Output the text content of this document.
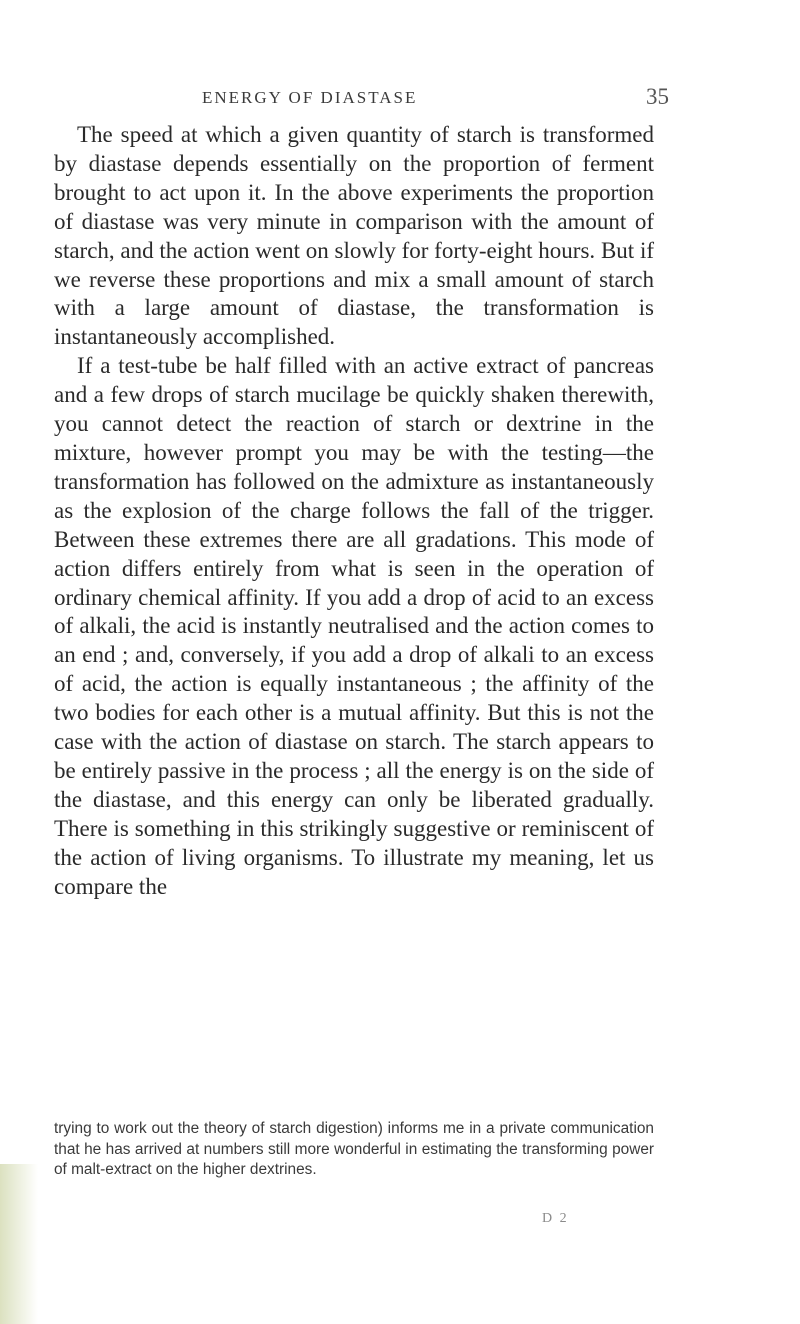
ENERGY OF DIASTASE	35

The speed at which a given quantity of starch is transformed by diastase depends essentially on the proportion of ferment brought to act upon it. In the above experiments the proportion of diastase was very minute in comparison with the amount of starch, and the action went on slowly for forty-eight hours. But if we reverse these proportions and mix a small amount of starch with a large amount of diastase, the transformation is instantaneously accomplished.

If a test-tube be half filled with an active extract of pancreas and a few drops of starch mucilage be quickly shaken therewith, you cannot detect the reaction of starch or dextrine in the mixture, however prompt you may be with the testing—the transformation has followed on the admixture as instantaneously as the explosion of the charge follows the fall of the trigger. Between these extremes there are all gradations. This mode of action differs entirely from what is seen in the operation of ordinary chemical affinity. If you add a drop of acid to an excess of alkali, the acid is instantly neutralised and the action comes to an end ; and, conversely, if you add a drop of alkali to an excess of acid, the action is equally instantaneous ; the affinity of the two bodies for each other is a mutual affinity. But this is not the case with the action of diastase on starch. The starch appears to be entirely passive in the process ; all the energy is on the side of the diastase, and this energy can only be liberated gradually. There is something in this strikingly suggestive or reminiscent of the action of living organisms. To illustrate my meaning, let us compare the

trying to work out the theory of starch digestion) informs me in a private communication that he has arrived at numbers still more wonderful in estimating the transforming power of malt-extract on the higher dextrines.

D 2
